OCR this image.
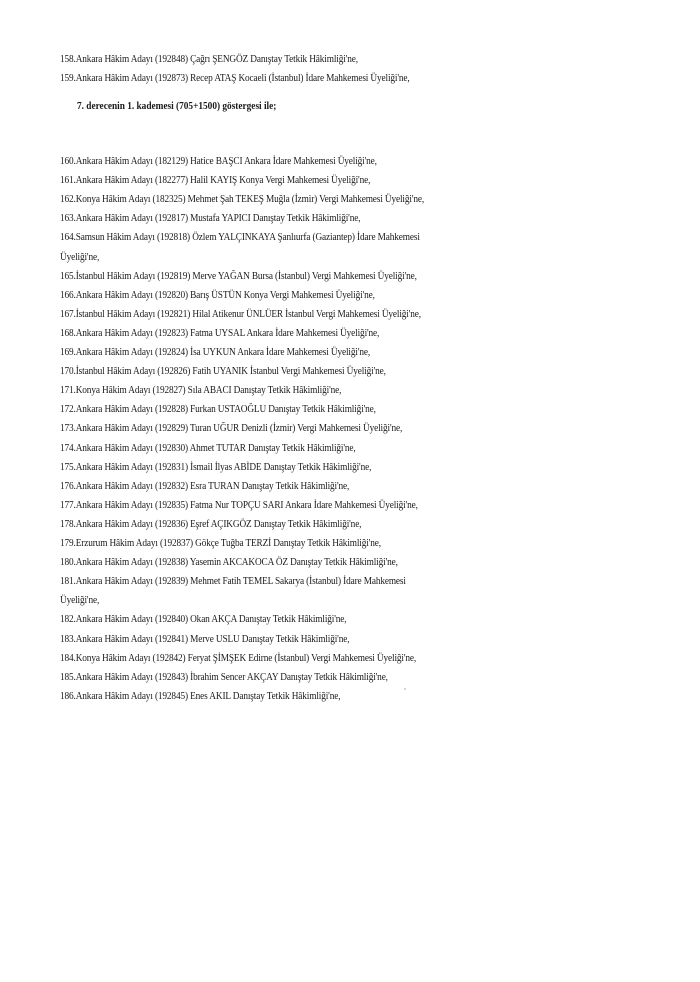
158.Ankara Hâkim Adayı (192848) Çağrı ŞENGÖZ Danıştay Tetkik Hâkimliği'ne,
159.Ankara Hâkim Adayı (192873) Recep ATAŞ Kocaeli (İstanbul) İdare Mahkemesi Üyeliği'ne,
7. derecenin 1. kademesi (705+1500) göstergesi ile;
160.Ankara Hâkim Adayı (182129) Hatice BAŞCI Ankara İdare Mahkemesi Üyeliği'ne,
161.Ankara Hâkim Adayı (182277) Halil KAYIŞ Konya Vergi Mahkemesi Üyeliği'ne,
162.Konya Hâkim Adayı (182325) Mehmet Şah TEKEŞ Muğla (İzmir) Vergi Mahkemesi Üyeliği'ne,
163.Ankara Hâkim Adayı (192817) Mustafa YAPICI Danıştay Tetkik Hâkimliği'ne,
164.Samsun Hâkim Adayı (192818) Özlem YALÇINKAYA Şanlıurfa (Gaziantep) İdare Mahkemesi
Üyeliği'ne,
165.İstanbul Hâkim Adayı (192819) Merve YAĞAN Bursa (İstanbul) Vergi Mahkemesi Üyeliği'ne,
166.Ankara Hâkim Adayı (192820) Barış ÜSTÜN Konya Vergi Mahkemesi Üyeliği'ne,
167.İstanbul Hâkim Adayı (192821) Hilal Atikenur ÜNLÜER İstanbul Vergi Mahkemesi Üyeliği'ne,
168.Ankara Hâkim Adayı (192823) Fatma UYSAL Ankara İdare Mahkemesi Üyeliği'ne,
169.Ankara Hâkim Adayı (192824) İsa UYKUN Ankara İdare Mahkemesi Üyeliği'ne,
170.İstanbul Hâkim Adayı (192826) Fatih UYANIK İstanbul Vergi Mahkemesi Üyeliği'ne,
171.Konya Hâkim Adayı (192827) Sıla ABACI Danıştay Tetkik Hâkimliği'ne,
172.Ankara Hâkim Adayı (192828) Furkan USTAOĞLU Danıştay Tetkik Hâkimliği'ne,
173.Ankara Hâkim Adayı (192829) Turan UĞUR Denizli (İzmir) Vergi Mahkemesi Üyeliği'ne,
174.Ankara Hâkim Adayı (192830) Ahmet TUTAR Danıştay Tetkik Hâkimliği'ne,
175.Ankara Hâkim Adayı (192831) İsmail İlyas ABİDE Danıştay Tetkik Hâkimliği'ne,
176.Ankara Hâkim Adayı (192832) Esra TURAN Danıştay Tetkik Hâkimliği'ne,
177.Ankara Hâkim Adayı (192835) Fatma Nur TOPÇU SARI Ankara İdare Mahkemesi Üyeliği'ne,
178.Ankara Hâkim Adayı (192836) Eşref AÇIKGÖZ Danıştay Tetkik Hâkimliği'ne,
179.Erzurum Hâkim Adayı (192837) Gökçe Tuğba TERZİ Danıştay Tetkik Hâkimliği'ne,
180.Ankara Hâkim Adayı (192838) Yasemin AKCAKOCA ÖZ Danıştay Tetkik Hâkimliği'ne,
181.Ankara Hâkim Adayı (192839) Mehmet Fatih TEMEL Sakarya (İstanbul) İdare Mahkemesi
Üyeliği'ne,
182.Ankara Hâkim Adayı (192840) Okan AKÇA Danıştay Tetkik Hâkimliği'ne,
183.Ankara Hâkim Adayı (192841) Merve USLU Danıştay Tetkik Hâkimliği'ne,
184.Konya Hâkim Adayı (192842) Feryat ŞİMŞEK Edirne (İstanbul) Vergi Mahkemesi Üyeliği'ne,
185.Ankara Hâkim Adayı (192843) İbrahim Sencer AKÇAY Danıştay Tetkik Hâkimliği'ne,
186.Ankara Hâkim Adayı (192845) Enes AKIL Danıştay Tetkik Hâkimliği'ne,
